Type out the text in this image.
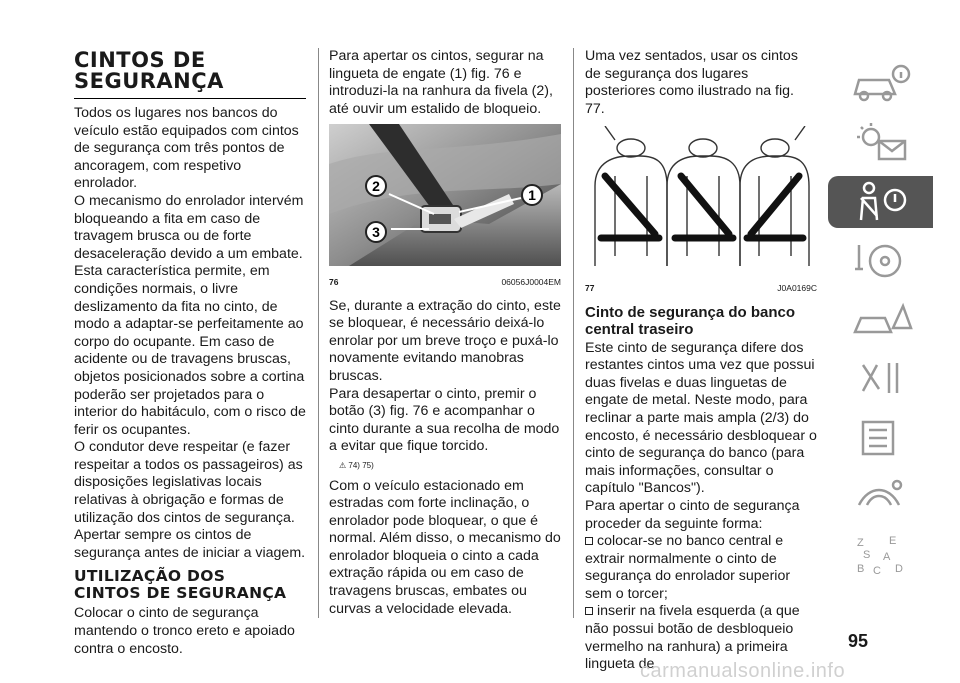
CINTOS DE
SEGURANÇA

Todos os lugares nos bancos do veículo estão equipados com cintos de segurança com três pontos de ancoragem, com respetivo enrolador.

O mecanismo do enrolador intervém bloqueando a fita em caso de travagem brusca ou de forte desaceleração devido a um embate. Esta característica permite, em condições normais, o livre deslizamento da fita no cinto, de modo a adaptar-se perfeitamente ao corpo do ocupante. Em caso de acidente ou de travagens bruscas, objetos posicionados sobre a cortina poderão ser projetados para o interior do habitáculo, com o risco de ferir os ocupantes.

O condutor deve respeitar (e fazer respeitar a todos os passageiros) as disposições legislativas locais relativas à obrigação e formas de utilização dos cintos de segurança.

Apertar sempre os cintos de segurança antes de iniciar a viagem.

UTILIZAÇÃO DOS
CINTOS DE SEGURANÇA

Colocar o cinto de segurança mantendo o tronco ereto e apoiado contra o encosto.

Para apertar os cintos, segurar na lingueta de engate (1) fig. 76 e introduzi-la na ranhura da fivela (2), até ouvir um estalido de bloqueio.

2
3
1
76	06056J0004EM

Se, durante a extração do cinto, este se bloquear, é necessário deixá-lo enrolar por um breve troço e puxá-lo novamente evitando manobras bruscas.

Para desapertar o cinto, premir o botão (3) fig. 76 e acompanhar o cinto durante a sua recolha de modo a evitar que fique torcido.

⚠ 74) 75)

Com o veículo estacionado em estradas com forte inclinação, o enrolador pode bloquear, o que é normal. Além disso, o mecanismo do enrolador bloqueia o cinto a cada extração rápida ou em caso de travagens bruscas, embates ou curvas a velocidade elevada.

Uma vez sentados, usar os cintos de segurança dos lugares posteriores como ilustrado na fig. 77.

77	J0A0169C
Cinto de segurança do banco central traseiro

Este cinto de segurança difere dos restantes cintos uma vez que possui duas fivelas e duas linguetas de engate de metal. Neste modo, para reclinar a parte mais ampla (2/3) do encosto, é necessário desbloquear o cinto de segurança do banco (para mais informações, consultar o capítulo "Bancos").

Para apertar o cinto de segurança proceder da seguinte forma:

colocar-se no banco central e extrair normalmente o cinto de segurança do enrolador superior sem o torcer;

inserir na fivela esquerda (a que não possui botão de desbloqueio vermelho na ranhura) a primeira lingueta de

Z E
S A
B C D
95
carmanualsonline.info
